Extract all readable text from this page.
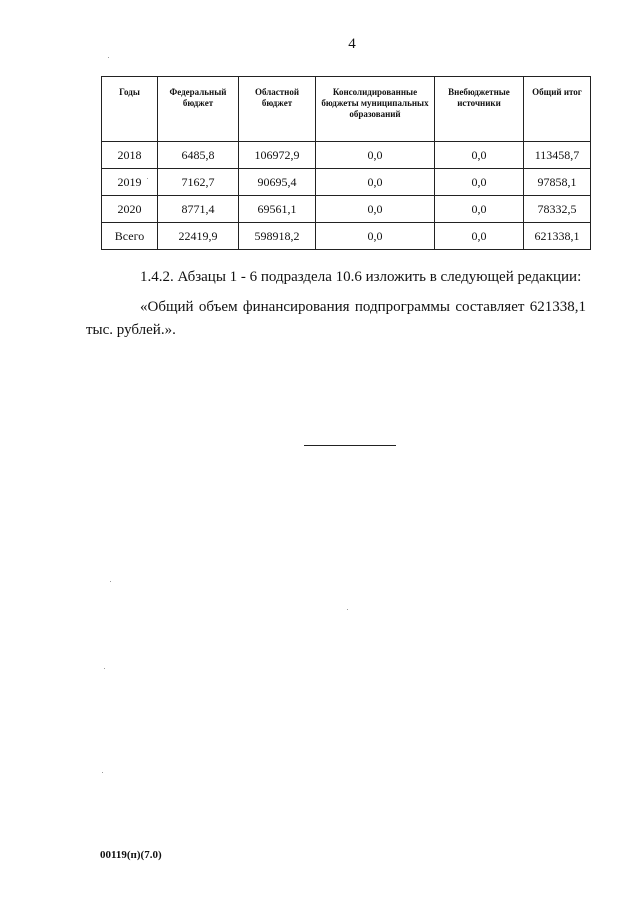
4
Годы	Федеральный бюджет	Областной бюджет	Консолидированные бюджеты муниципальных образований	Внебюджетные источники	Общий итог
2018	6485,8	106972,9	0,0	0,0	113458,7
2019	7162,7	90695,4	0,0	0,0	97858,1
2020	8771,4	69561,1	0,0	0,0	78332,5
Всего	22419,9	598918,2	0,0	0,0	621338,1

1.4.2. Абзацы 1 - 6 подраздела 10.6 изложить в следующей редакции:

«Общий объем финансирования подпрограммы составляет 621338,1 тыс. рублей.».

00119(п)(7.0)
